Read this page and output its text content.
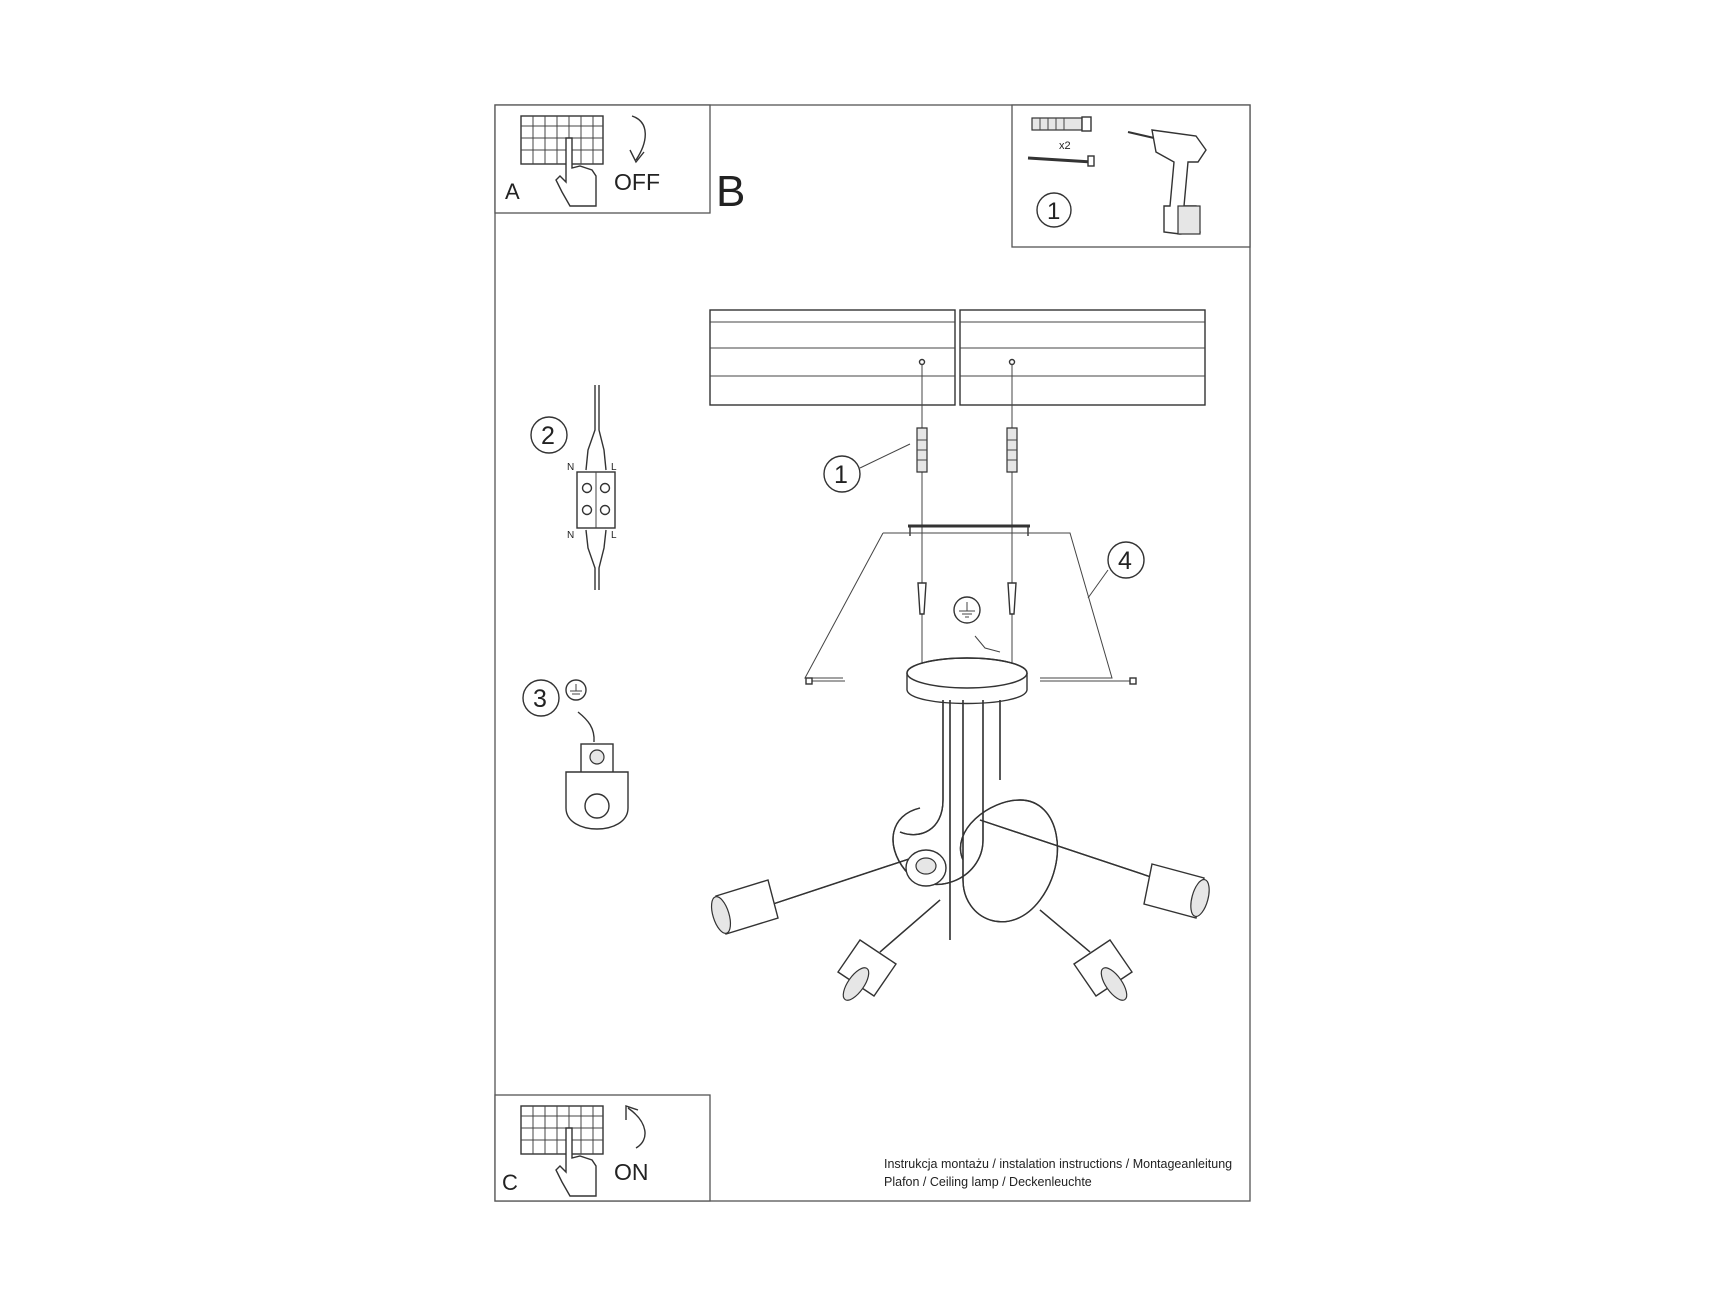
A	OFF B
x2
1
1
4
2
N	L
N	L
3
C	ON	Instrukcja montażu / instalation instructions / Montageanleitung
Plafon / Ceiling lamp / Deckenleuchte
